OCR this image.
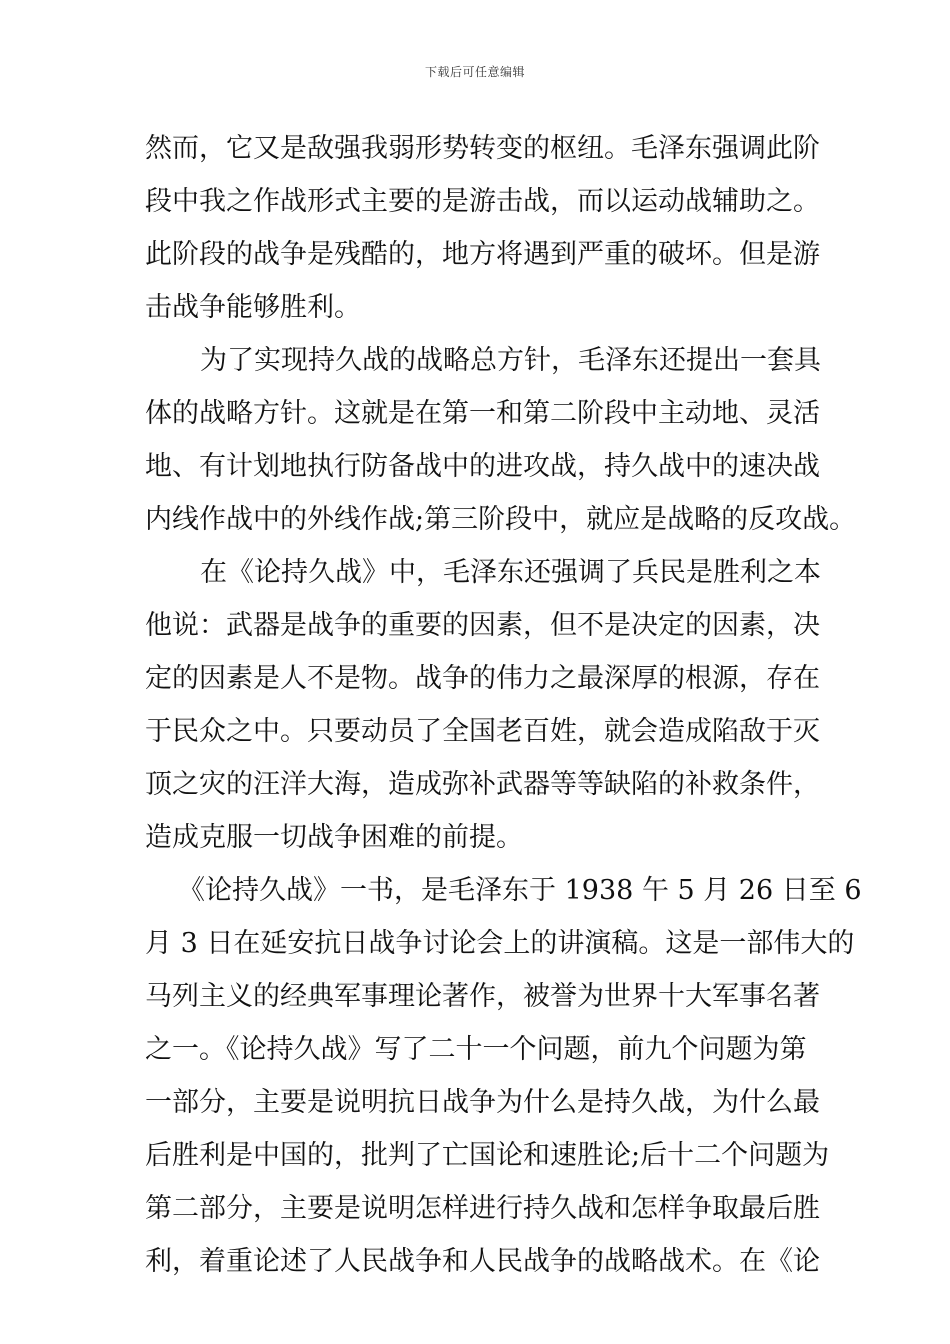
下载后可任意编辑
然而，它又是敌强我弱形势转变的枢纽。毛泽东强调此阶
段中我之作战形式主要的是游击战，而以运动战辅助之。
此阶段的战争是残酷的，地方将遇到严重的破坏。但是游
击战争能够胜利。
为了实现持久战的战略总方针，毛泽东还提出一套具
体的战略方针。这就是在第一和第二阶段中主动地、灵活
地、有计划地执行防备战中的进攻战，持久战中的速决战
内线作战中的外线作战;第三阶段中，就应是战略的反攻战。
在《论持久战》中，毛泽东还强调了兵民是胜利之本
他说：武器是战争的重要的因素，但不是决定的因素，决
定的因素是人不是物。战争的伟力之最深厚的根源，存在
于民众之中。只要动员了全国老百姓，就会造成陷敌于灭
顶之灾的汪洋大海，造成弥补武器等等缺陷的补救条件，
造成克服一切战争困难的前提。
《论持久战》一书，是毛泽东于 1938 午 5 月 26 日至 6
月 3 日在延安抗日战争讨论会上的讲演稿。这是一部伟大的
马列主义的经典军事理论著作，被誉为世界十大军事名著
之一。《论持久战》写了二十一个问题，前九个问题为第
一部分，主要是说明抗日战争为什么是持久战，为什么最
后胜利是中国的，批判了亡国论和速胜论;后十二个问题为
第二部分，主要是说明怎样进行持久战和怎样争取最后胜
利，着重论述了人民战争和人民战争的战略战术。在《论
